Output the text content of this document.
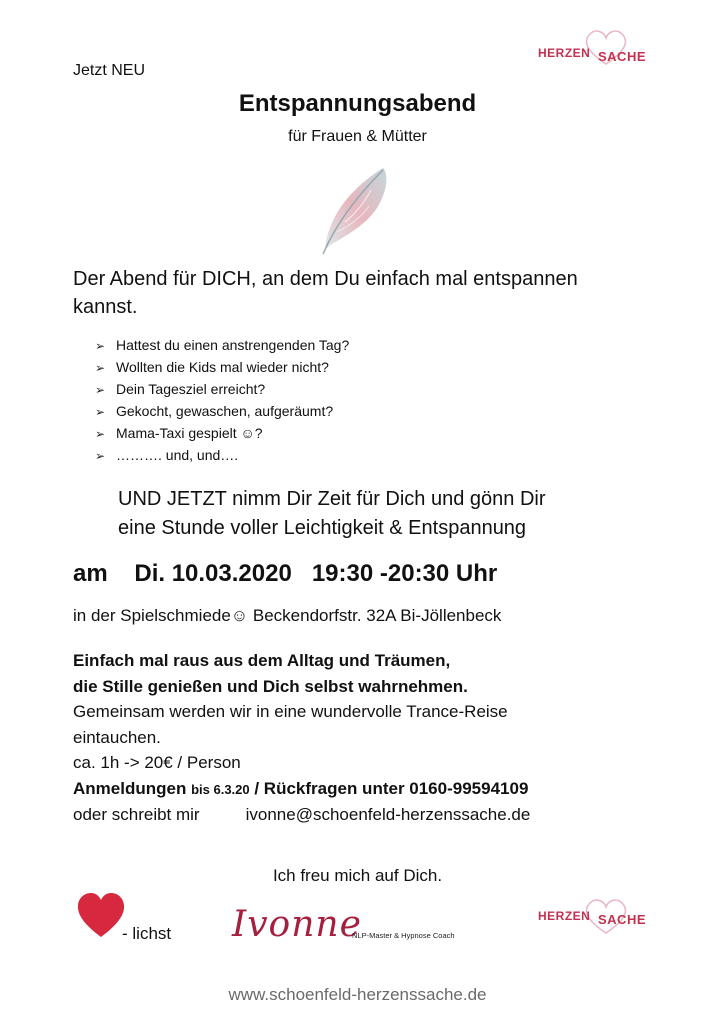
HERZEN SACHE
Jetzt NEU
Entspannungsabend
für Frauen & Mütter
Der Abend für DICH, an dem Du einfach mal entspannen kannst.
➢ Hattest du einen anstrengenden Tag?
➢ Wollten die Kids mal wieder nicht?
➢ Dein Tagesziel erreicht?
➢ Gekocht, gewaschen, aufgeräumt?
➢ Mama-Taxi gespielt ☺?
➢ ………. und, und….
UND JETZT nimm Dir Zeit für Dich und gönn Dir
eine Stunde voller Leichtigkeit & Entspannung
am Di. 10.03.2020 19:30 -20:30 Uhr
in der Spielschmiede☺ Beckendorfstr. 32A Bi-Jöllenbeck
Einfach mal raus aus dem Alltag und Träumen,
die Stille genießen und Dich selbst wahrnehmen.
Gemeinsam werden wir in eine wundervolle Trance-Reise
eintauchen.
ca. 1h -> 20€ / Person
Anmeldungen bis 6.3.20 / Rückfragen unter 0160-99594109
oder schreibt mir	ivonne@schoenfeld-herzenssache.de
Ich freu mich auf Dich.
- lichst Ivonne
NLP-Master & Hypnose Coach
HERZEN SACHE
www.schoenfeld-herzenssache.de
